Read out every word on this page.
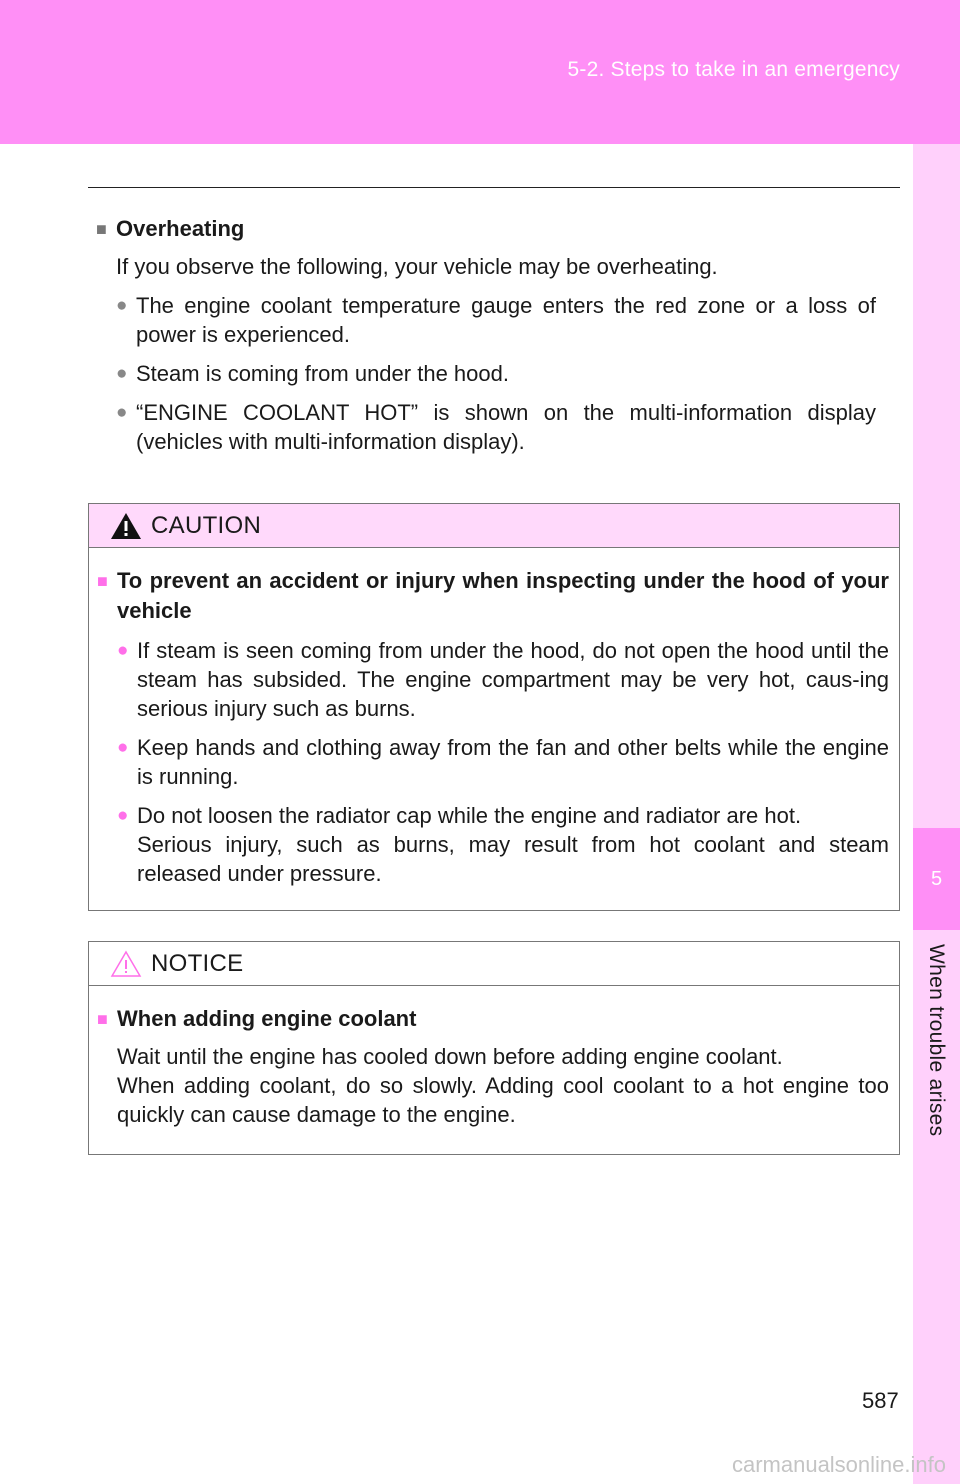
5-2. Steps to take in an emergency
5
When trouble arises
■ Overheating
If you observe the following, your vehicle may be overheating.
● The engine coolant temperature gauge enters the red zone or a loss of power is experienced.
● Steam is coming from under the hood.
● “ENGINE COOLANT HOT” is shown on the multi-information display (vehicles with multi-information display).
CAUTION
■ To prevent an accident or injury when inspecting under the hood of your vehicle
● If steam is seen coming from under the hood, do not open the hood until the steam has subsided. The engine compartment may be very hot, caus-ing serious injury such as burns.
● Keep hands and clothing away from the fan and other belts while the engine is running.
● Do not loosen the radiator cap while the engine and radiator are hot.
Serious injury, such as burns, may result from hot coolant and steam released under pressure.
NOTICE
■ When adding engine coolant
Wait until the engine has cooled down before adding engine coolant.
When adding coolant, do so slowly. Adding cool coolant to a hot engine too quickly can cause damage to the engine.
587
carmanualsonline.info
